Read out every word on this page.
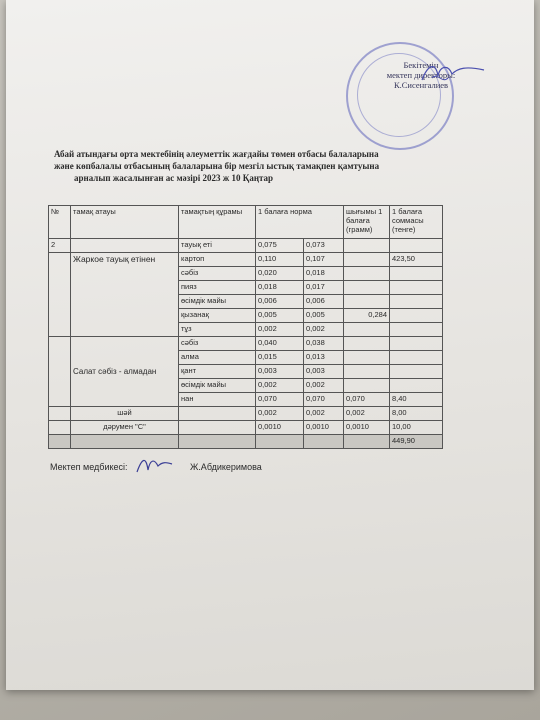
Бекітемін
мектеп директоры:
К.Сисенгалиев
Абай атындағы орта мектебінің әлеуметтік жағдайы төмен отбасы балаларына
және көпбалалы отбасының балаларына бір мезгіл ыстық тамақпен қамтуына
арналып жасалынған ас мәзірі 2023 ж 10 Қаңтар
№	тамақ атауы	тамақтың құрамы	1 балаға норма		шығымы 1 балаға (грамм)	1 балаға соммасы (тенге)
2		тауық еті	0,075	0,073		
	Жаркое тауық етінен	картоп	0,110	0,107		423,50
		сәбіз	0,020	0,018		
		пияз	0,018	0,017		
		өсімдік майы	0,006	0,006		
		қызанақ	0,005	0,005	0,284	
		тұз	0,002	0,002		
	Салат сәбіз - алмадан	сәбіз	0,040	0,038		
		алма	0,015	0,013		
		қант	0,003	0,003		
		өсімдік майы	0,002	0,002		
		нан	0,070	0,070	0,070	8,40
	шәй		0,002	0,002	0,002	8,00
	дәрумен "С"		0,0010	0,0010	0,0010	10,00
						449,90
Мектеп медбикесі:	Ж.Абдикеримова
